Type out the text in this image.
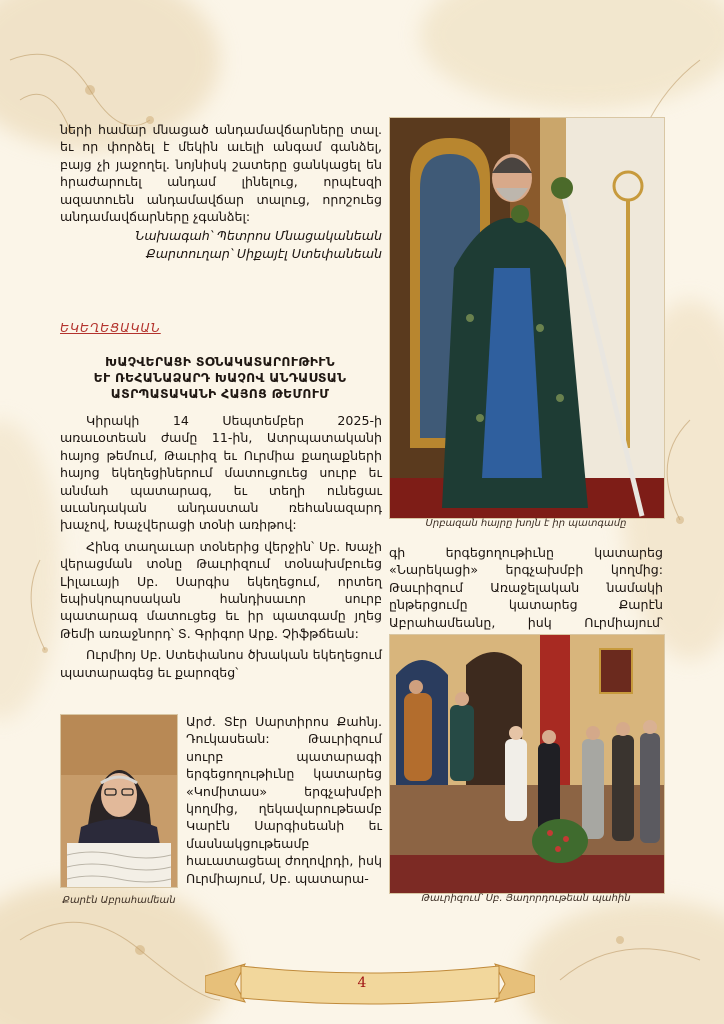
ների համար մնացած անդամավճարները տալ. եւ որ փորձել է մեկին աւելի անգամ գանձել, բայց չի յաջողել. նոյնիսկ շատերը ցանկացել են հրաժարուել անդամ լինելուց, որպէսզի ազատուեն անդամավճար տալուց, որոշուեց անդամավճարները չգանձել:

Նախագահ՝ Պետրոս Մնացականեան

Քարտուղար՝ Սիքայէլ Ստեփանեան

ԵԿԵՂԵՑԱԿԱՆ
ԽԱՉՎԵՐԱՑԻ ՏՕՆԱԿԱՏԱՐՈՒԹԻՒՆ
ԵՒ ՌԵՀԱՆԱՁԱՐԴ ԽԱՉՈՎ ԱՆԴԱՍՏԱՆ
ԱՏՐՊԱՏԱԿԱՆԻ ՀԱՅՈՑ ԹԵՄՈՒՄ

Կիրակի 14 Սեպտեմբեր 2025-ի առաւօտեան ժամը 11-ին, Ատրպատականի հայոց թեմում, Թաւրիզ եւ Ուրմիա քաղաքների հայոց եկեղեցիներում մատուցուեց սուրբ եւ անմահ պատարագ, եւ տեղի ունեցաւ աւանդական անդաստան ռեհանազարդ խաչով, Խաչվերացի տօնի առիթով:

Հինգ տաղաւար տօներից վերջին՝ Սբ. Խաչի վերացման տօնը Թաւրիզում տօնախմբուեց Լիլաւայի Սբ. Սարգիս եկեղեցում, որտեղ եպիսկոպոսական հանդիսաւոր սուրբ պատարագ մատուցեց եւ իր պատգամը յղեց Թեմի առաջնորդ՝ Տ. Գրիգոր Արք. Չիֆթճեան:

Ուրմիոյ Սբ. Ստեփանոս ծխական եկեղեցում պատարագեց եւ քարոզեց՝

Արժ. Տէր Սարտիրոս Քահնյ. Դուկասեան: Թաւրիզում սուրբ պատարագի երգեցողութիւնը կատարեց «Կոմիտաս» երգչախմբի կողմից, ղեկավարութեամբ Կարէն Սարգիսեանի եւ մասնակցութեամբ հաւատացեալ ժողովրդի, իսկ Ուրմիայում, Սբ. պատարա-

Քարէն Աբրահամեան
Սրբազան հայրը խոյն է իր պատգամը

գի երգեցողութիւնը կատարեց «Նարեկացի» երգչախմբի կողմից: Թաւրիզում Առաջելական նամակի ընթերցումը կատարեց Քարէն Աբրահամեանը, իսկ Ուրմիայում՝

Թաւրիզում՝ Սբ. Յաղորդութեան պահին
4
